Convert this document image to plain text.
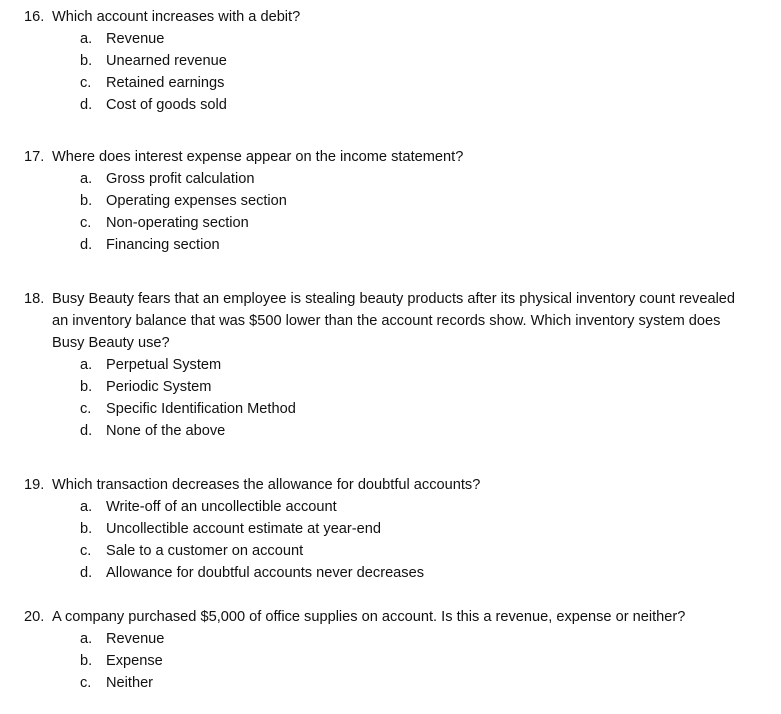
16. Which account increases with a debit?
a. Revenue
b. Unearned revenue
c. Retained earnings
d. Cost of goods sold
17. Where does interest expense appear on the income statement?
a. Gross profit calculation
b. Operating expenses section
c. Non-operating section
d. Financing section
18. Busy Beauty fears that an employee is stealing beauty products after its physical inventory count revealed
an inventory balance that was $500 lower than the account records show. Which inventory system does
Busy Beauty use?
a. Perpetual System
b. Periodic System
c. Specific Identification Method
d. None of the above
19. Which transaction decreases the allowance for doubtful accounts?
a. Write-off of an uncollectible account
b. Uncollectible account estimate at year-end
c. Sale to a customer on account
d. Allowance for doubtful accounts never decreases
20. A company purchased $5,000 of office supplies on account. Is this a revenue, expense or neither?
a. Revenue
b. Expense
c. Neither
